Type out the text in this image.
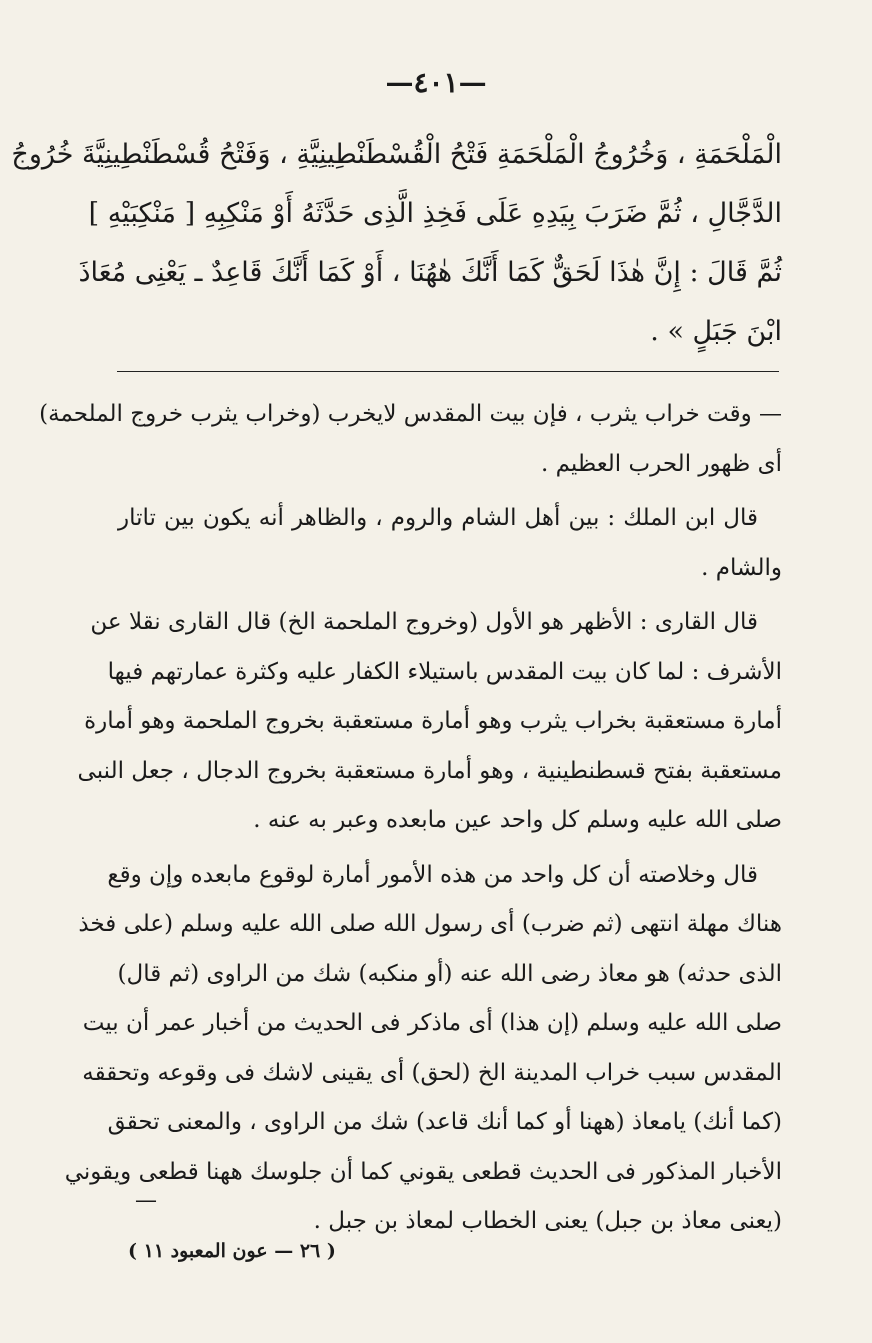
—٤٠١—
الْمَلْحَمَةِ ، وَخُرُوجُ الْمَلْحَمَةِ فَتْحُ الْقُسْطَنْطِينِيَّةِ ، وَفَتْحُ قُسْطَنْطِينِيَّةَ خُرُوجُ
الدَّجَّالِ ، ثُمَّ ضَرَبَ بِيَدِهِ عَلَى فَخِذِ الَّذِى حَدَّثَهُ أَوْ مَنْكِبِهِ [ مَنْكِبَيْهِ ]
ثُمَّ قَالَ : إِنَّ هٰذَا لَحَقٌّ كَمَا أَنَّكَ هٰهُنَا ، أَوْ كَمَا أَنَّكَ قَاعِدٌ ـ يَعْنِى مُعَاذَ
ابْنَ جَبَلٍ » .
— وقت خراب يثرب ، فإن بيت المقدس لايخرب (وخراب يثرب خروج الملحمة)
أى ظهور الحرب العظيم .
قال ابن الملك : بين أهل الشام والروم ، والظاهر أنه يكون بين تاتار
والشام .
قال القارى : الأظهر هو الأول (وخروج الملحمة الخ) قال القارى نقلا عن
الأشرف : لما كان بيت المقدس باستيلاء الكفار عليه وكثرة عمارتهم فيها
أمارة مستعقبة بخراب يثرب وهو أمارة مستعقبة بخروج الملحمة وهو أمارة
مستعقبة بفتح قسطنطينية ، وهو أمارة مستعقبة بخروج الدجال ، جعل النبى
صلى الله عليه وسلم كل واحد عين مابعده وعبر به عنه .
قال وخلاصته أن كل واحد من هذه الأمور أمارة لوقوع مابعده وإن وقع
هناك مهلة انتهى (ثم ضرب) أى رسول الله صلى الله عليه وسلم (على فخذ
الذى حدثه) هو معاذ رضى الله عنه (أو منكبه) شك من الراوى (ثم قال)
صلى الله عليه وسلم (إن هذا) أى ماذكر فى الحديث من أخبار عمر أن بيت
المقدس سبب خراب المدينة الخ (لحق) أى يقينى لاشك فى وقوعه وتحققه
(كما أنك) يامعاذ (ههنا أو كما أنك قاعد) شك من الراوى ، والمعنى تحقق
الأخبار المذكور فى الحديث قطعى يقوني كما أن جلوسك ههنا قطعى ويقوني
(يعنى معاذ بن جبل) يعنى الخطاب لمعاذ بن جبل .
—
( ٢٦ — عون المعبود ١١ )
